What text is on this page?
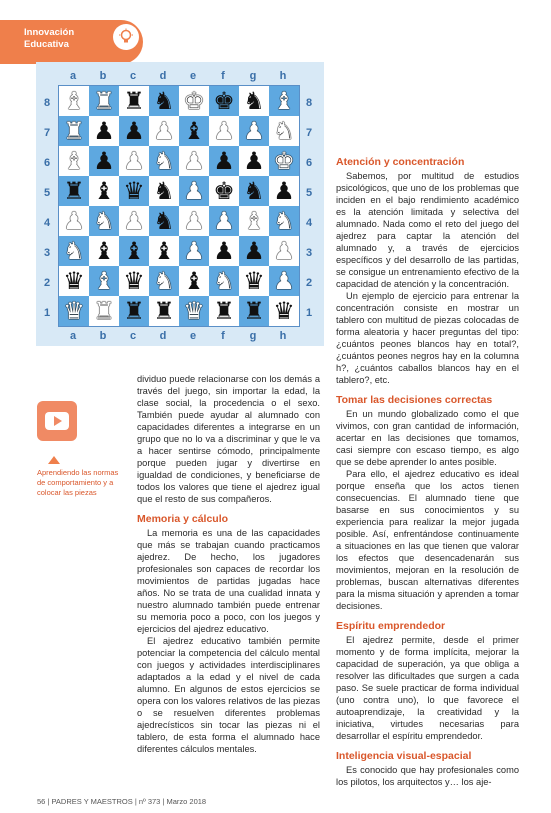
Innovación
Educativa
a	b	c	d	e	f	g	h
a	b	c	d	e	f	g	h
8
7
6
5
4
3
2
1
8
7
6
5
4
3
2
1
♝ ♜ ♜ ♞ ♚ ♚ ♞ ♝
♜ ♟ ♟ ♟ ♝ ♟ ♟ ♞
♝ ♟ ♟ ♞ ♟ ♟ ♟ ♚
♜ ♝ ♛ ♞ ♟ ♚ ♞ ♟
♟ ♞ ♟ ♞ ♟ ♟ ♝ ♞
♞ ♝ ♝ ♝ ♟ ♟ ♟ ♟
♛ ♝ ♛ ♞ ♝ ♞ ♛ ♟
♛ ♜ ♜ ♜ ♛ ♜ ♜ ♛
Aprendiendo las normas de comportamiento y a colocar las piezas

dividuo puede relacionarse con los demás a través del juego, sin importar la edad, la clase social, la procedencia o el sexo. También puede ayudar al alumnado con capacidades diferentes a integrarse en un grupo que no lo va a discriminar y que le va a hacer sentirse cómodo, principalmente porque pueden jugar y divertirse en igualdad de condiciones, y beneficiarse de todos los valores que tiene el ajedrez igual que el resto de sus compañeros.

Memoria y cálculo

La memoria es una de las capacidades que más se trabajan cuando practicamos ajedrez. De hecho, los jugadores profesionales son capaces de recordar los movimientos de partidas jugadas hace años. No se trata de una cualidad innata y nuestro alumnado también puede entrenar su memoria poco a poco, con los juegos y ejercicios del ajedrez educativo.

El ajedrez educativo también permite potenciar la competencia del cálculo mental con juegos y actividades interdisciplinares adaptados a la edad y el nivel de cada alumno. En algunos de estos ejercicios se opera con los valores relativos de las piezas o se resuelven diferentes problemas ajedrecísticos sin tocar las piezas ni el tablero, de esta forma el alumnado hace diferentes cálculos mentales.

Atención y concentración

Sabemos, por multitud de estudios psicológicos, que uno de los problemas que inciden en el bajo rendimiento académico es la atención limitada y selectiva del alumnado. Nada como el reto del juego del ajedrez para captar la atención del alumnado y, a través de ejercicios específicos y del desarrollo de las partidas, se consigue un entrenamiento efectivo de la capacidad de atención y la concentración.

Un ejemplo de ejercicio para entrenar la concentración consiste en mostrar un tablero con multitud de piezas colocadas de forma aleatoria y hacer preguntas del tipo: ¿cuántos peones blancos hay en total?, ¿cuántos peones negros hay en la columna h?, ¿cuántos caballos blancos hay en el tablero?, etc.

Tomar las decisiones correctas

En un mundo globalizado como el que vivimos, con gran cantidad de información, acertar en las decisiones que tomamos, casi siempre con escaso tiempo, es algo que se debe aprender lo antes posible.

Para ello, el ajedrez educativo es ideal porque enseña que los actos tienen consecuencias. El alumnado tiene que basarse en sus conocimientos y su experiencia para realizar la mejor jugada posible. Así, enfrentándose continuamente a situaciones en las que tienen que valorar los efectos que desencadenarán sus movimientos, mejoran en la resolución de problemas, buscan alternativas diferentes para la misma situación y aprenden a tomar decisiones.

Espíritu emprendedor

El ajedrez permite, desde el primer momento y de forma implícita, mejorar la capacidad de superación, ya que obliga a resolver las dificultades que surgen a cada paso. Se suele practicar de forma individual (uno contra uno), lo que favorece el autoaprendizaje, la creatividad y la iniciativa, virtudes necesarias para desarrollar el espíritu emprendedor.

Inteligencia visual-espacial

Es conocido que hay profesionales como los pilotos, los arquitectos y… los aje-

56 | PADRES Y MAESTROS | nº 373 | Marzo 2018
